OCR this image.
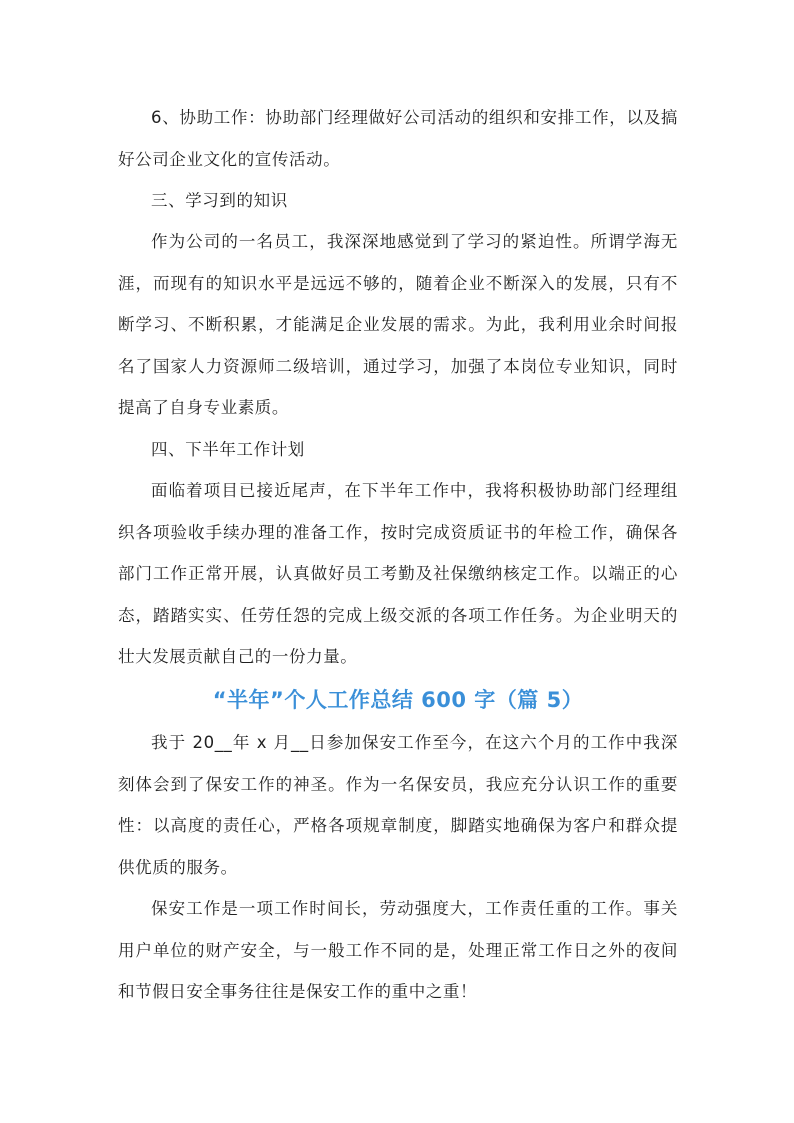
6、协助工作：协助部门经理做好公司活动的组织和安排工作，以及搞好公司企业文化的宣传活动。

三、学习到的知识

作为公司的一名员工，我深深地感觉到了学习的紧迫性。所谓学海无涯，而现有的知识水平是远远不够的，随着企业不断深入的发展，只有不断学习、不断积累，才能满足企业发展的需求。为此，我利用业余时间报名了国家人力资源师二级培训，通过学习，加强了本岗位专业知识，同时提高了自身专业素质。

四、下半年工作计划

面临着项目已接近尾声，在下半年工作中，我将积极协助部门经理组织各项验收手续办理的准备工作，按时完成资质证书的年检工作，确保各部门工作正常开展，认真做好员工考勤及社保缴纳核定工作。以端正的心态，踏踏实实、任劳任怨的完成上级交派的各项工作任务。为企业明天的壮大发展贡献自己的一份力量。

“半年”个人工作总结 600 字（篇 5）

我于 20__年 x 月__日参加保安工作至今，在这六个月的工作中我深刻体会到了保安工作的神圣。作为一名保安员，我应充分认识工作的重要性：以高度的责任心，严格各项规章制度，脚踏实地确保为客户和群众提供优质的服务。

保安工作是一项工作时间长，劳动强度大，工作责任重的工作。事关用户单位的财产安全，与一般工作不同的是，处理正常工作日之外的夜间和节假日安全事务往往是保安工作的重中之重！
